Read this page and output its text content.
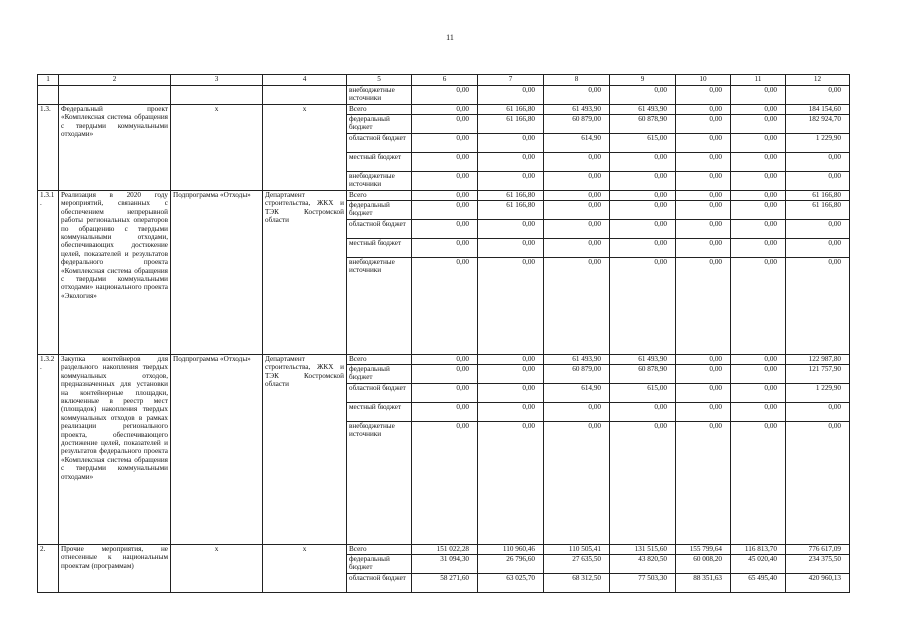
11
1	2	3	4	5	6	7	8	9	10	11	12
				внебюджетные источники	0,00	0,00	0,00	0,00	0,00	0,00	0,00
1.3.	Федеральный проект «Комплексная система обращения с твердыми коммунальными отходами»	х	х	Всего	0,00	61 166,80	61 493,90	61 493,90	0,00	0,00	184 154,60
				федеральный бюджет	0,00	61 166,80	60 879,00	60 878,90	0,00	0,00	182 924,70
				областной бюджет	0,00	0,00	614,90	615,00	0,00	0,00	1 229,90
				местный бюджет	0,00	0,00	0,00	0,00	0,00	0,00	0,00
				внебюджетные источники	0,00	0,00	0,00	0,00	0,00	0,00	0,00
1.3.1.	Реализация в 2020 году мероприятий, связанных с обеспечением непрерывной работы региональных операторов по обращению с твердыми коммунальными отходами, обеспечивающих достижение целей, показателей и результатов федерального проекта «Комплексная система обращения с твердыми коммунальными отходами» национального проекта «Экология»	Подпрограмма «Отходы»	Департамент строительства, ЖКХ и ТЭК Костромской области	Всего	0,00	61 166,80	0,00	0,00	0,00	0,00	61 166,80
				федеральный бюджет	0,00	61 166,80	0,00	0,00	0,00	0,00	61 166,80
				областной бюджет	0,00	0,00	0,00	0,00	0,00	0,00	0,00
				местный бюджет	0,00	0,00	0,00	0,00	0,00	0,00	0,00
				внебюджетные источники	0,00	0,00	0,00	0,00	0,00	0,00	0,00
1.3.2.	Закупка контейнеров для раздельного накопления твердых коммунальных отходов, предназначенных для установки на контейнерные площадки, включенные в реестр мест (площадок) накопления твердых коммунальных отходов в рамках реализации регионального проекта, обеспечивающего достижение целей, показателей и результатов федерального проекта «Комплексная система обращения с твердыми коммунальными отходами»	Подпрограмма «Отходы»	Департамент строительства, ЖКХ и ТЭК Костромской области	Всего	0,00	0,00	61 493,90	61 493,90	0,00	0,00	122 987,80
				федеральный бюджет	0,00	0,00	60 879,00	60 878,90	0,00	0,00	121 757,90
				областной бюджет	0,00	0,00	614,90	615,00	0,00	0,00	1 229,90
				местный бюджет	0,00	0,00	0,00	0,00	0,00	0,00	0,00
				внебюджетные источники	0,00	0,00	0,00	0,00	0,00	0,00	0,00
2.	Прочие мероприятия, не отнесенные к национальным проектам (программам)	х	х	Всего	151 022,28	110 960,46	110 505,41	131 515,60	155 799,64	116 813,70	776 617,09
				федеральный бюджет	31 094,30	26 796,60	27 635,50	43 820,50	60 008,20	45 020,40	234 375,50
				областной бюджет	58 271,60	63 025,70	68 312,50	77 503,30	88 351,63	65 495,40	420 960,13
